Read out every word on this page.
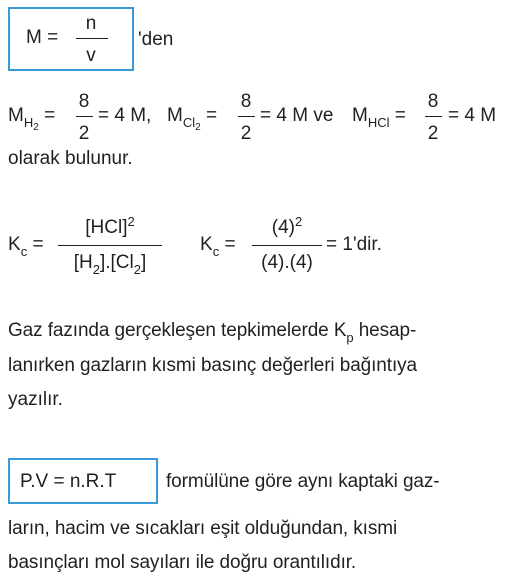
M =
n
v
'den
$M_{H_2}$ =
8
2
= 4 M, $M_{Cl_2}$ =
8
2
= 4 M ve $M_{HCl}$ =
8
2
= 4 M
olarak bulunur.
$K_c$ =
[HCl]$^2$
$[H_2].[Cl_2]$
$K_c$ =
$(4)^2$
(4).(4)
= 1'dir.
Gaz fazında gerçekleşen tepkimelerde $K_p$ hesap-
lanırken gazların kısmi basınç değerleri bağıntıya
yazılır.
P.V = n.R.T	formülüne göre aynı kaptaki gaz-
ların, hacim ve sıcakları eşit olduğundan, kısmi
basınçları mol sayıları ile doğru orantılıdır.
